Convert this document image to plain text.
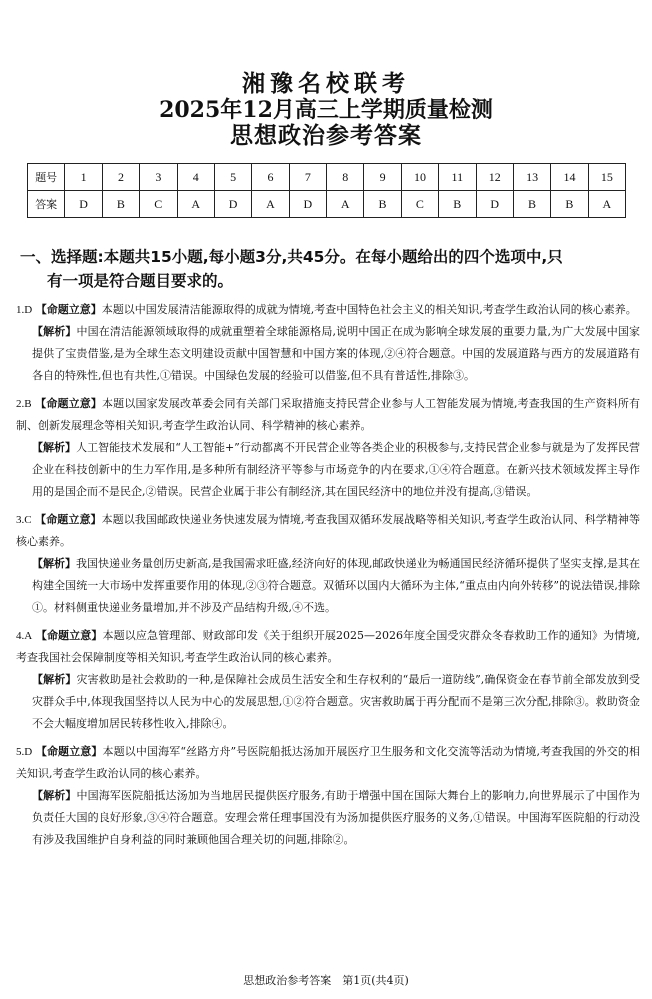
湘豫名校联考
2025年12月高三上学期质量检测
思想政治参考答案
题号	1	2	3	4	5	6	7	8	9	10	11	12	13	14	15
答案	D	B	C	A	D	A	D	A	B	C	B	D	B	B	A
一、选择题:本题共15小题,每小题3分,共45分。在每小题给出的四个选项中,只
有一项是符合题目要求的。

1.D 【命题立意】本题以中国发展清洁能源取得的成就为情境,考查中国特色社会主义的相关知识,考查学生政治认同的核心素养。

【解析】中国在清洁能源领域取得的成就重塑着全球能源格局,说明中国正在成为影响全球发展的重要力量,为广大发展中国家提供了宝贵借鉴,是为全球生态文明建设贡献中国智慧和中国方案的体现,②④符合题意。中国的发展道路与西方的发展道路有各自的特殊性,但也有共性,①错误。中国绿色发展的经验可以借鉴,但不具有普适性,排除③。

2.B 【命题立意】本题以国家发展改革委会同有关部门采取措施支持民营企业参与人工智能发展为情境,考查我国的生产资料所有制、创新发展理念等相关知识,考查学生政治认同、科学精神的核心素养。

【解析】人工智能技术发展和“人工智能+”行动都离不开民营企业等各类企业的积极参与,支持民营企业参与就是为了发挥民营企业在科技创新中的生力军作用,是多种所有制经济平等参与市场竞争的内在要求,①④符合题意。在新兴技术领域发挥主导作用的是国企而不是民企,②错误。民营企业属于非公有制经济,其在国民经济中的地位并没有提高,③错误。

3.C 【命题立意】本题以我国邮政快递业务快速发展为情境,考查我国双循环发展战略等相关知识,考查学生政治认同、科学精神等核心素养。

【解析】我国快递业务量创历史新高,是我国需求旺盛,经济向好的体现,邮政快递业为畅通国民经济循环提供了坚实支撑,是其在构建全国统一大市场中发挥重要作用的体现,②③符合题意。双循环以国内大循环为主体,“重点由内向外转移”的说法错误,排除①。材料侧重快递业务量增加,并不涉及产品结构升级,④不选。

4.A 【命题立意】本题以应急管理部、财政部印发《关于组织开展2025—2026年度全国受灾群众冬春救助工作的通知》为情境,考查我国社会保障制度等相关知识,考查学生政治认同的核心素养。

【解析】灾害救助是社会救助的一种,是保障社会成员生活安全和生存权利的“最后一道防线”,确保资金在春节前全部发放到受灾群众手中,体现我国坚持以人民为中心的发展思想,①②符合题意。灾害救助属于再分配而不是第三次分配,排除③。救助资金不会大幅度增加居民转移性收入,排除④。

5.D 【命题立意】本题以中国海军“丝路方舟”号医院船抵达汤加开展医疗卫生服务和文化交流等活动为情境,考查我国的外交的相关知识,考查学生政治认同的核心素养。

【解析】中国海军医院船抵达汤加为当地居民提供医疗服务,有助于增强中国在国际大舞台上的影响力,向世界展示了中国作为负责任大国的良好形象,③④符合题意。安理会常任理事国没有为汤加提供医疗服务的义务,①错误。中国海军医院船的行动没有涉及我国维护自身利益的同时兼顾他国合理关切的问题,排除②。

思想政治参考答案　第1页(共4页)
